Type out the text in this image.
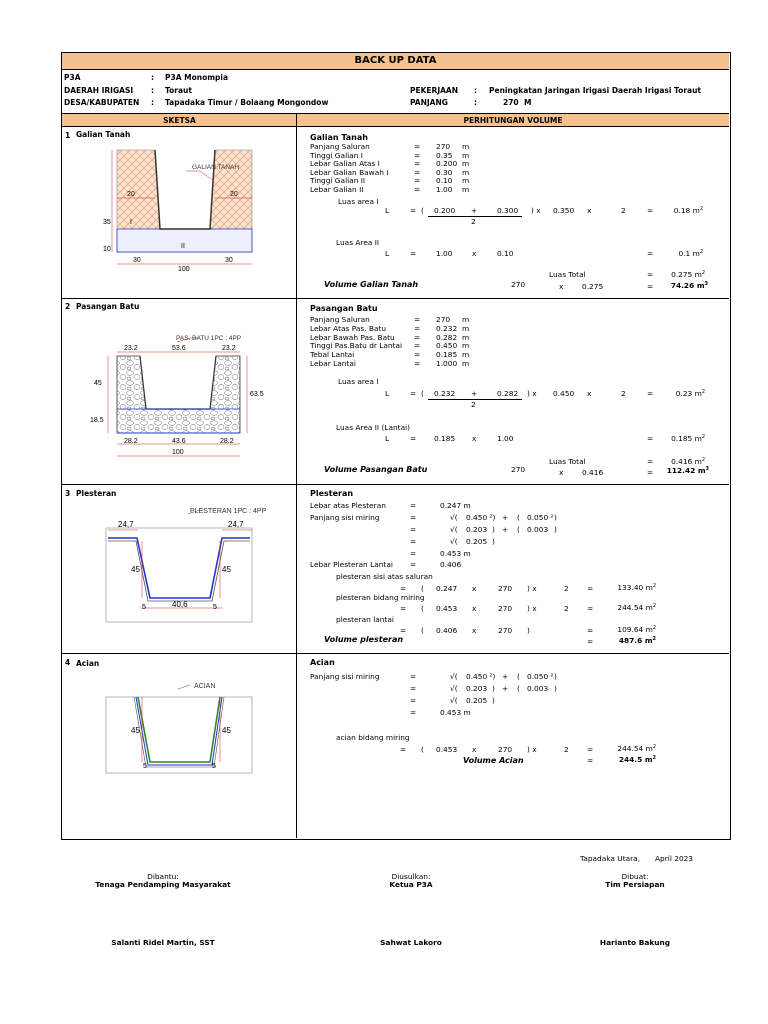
BACK UP DATA
SKETSA	PERHITUNGAN VOLUME
P3A	: P3A Monompia
DAERAH IRIGASI : Toraut
DESA/KABUPATEN : Tapadaka Timur / Bolaang Mongondow
PEKERJAAN : Peningkatan Jaringan Irigasi Daerah Irigasi Toraut
PANJANG	:	270 M
1 Galian Tanah
GALIAN TANAH
20	20
35
10
I
II
30	30
100
Galian Tanah
Panjang Saluran	= 270 m
Tinggi Galian I	= 0.35 m
Lebar Galian Atas I	= 0.200 m
Lebar Galian Bawah I	= 0.30 m
Tinggi Galian II	= 0.10 m
Lebar Galian II	= 1.00 m
Luas area I
L	= ( 0.200 +	0.300
2
) x 0.350 x	2	=	0.18 $m^2$
Luas Area II
L	=	1.00	x	0.10	=	0.1 $m^2$
Luas Total	=	0.275 $m^2$
Volume Galian Tanah	270	x	0.275	=	74.26 $m^3$
2 Pasangan Batu
PAS. BATU 1PC : 4PP
23.2	53.6	23.2
45
18.5
63.5
28.2	43.6	28.2
100
Pasangan Batu
Panjang Saluran	= 270 m
Lebar Atas Pas. Batu	= 0.232 m
Lebar Bawah Pas. Batu	= 0.282 m
Tinggi Pas.Batu dr Lantai = 0.450 m
Tebal Lantai	= 0.185 m
Lebar Lantai	= 1.000 m
Luas area I
L	= ( 0.232 +	0.282
2
) x 0.450 x	2	=	0.23 $m^2$
Luas Area II (Lantai)
L	= 0.185 x	1.00	=	0.185 $m^2$
Luas Total	=	0.416 $m^2$
Volume Pasangan Batu	270	x	0.416	=	112.42 $m^3$
3 Plesteran
PLESTERAN 1PC : 4PP
24,7	24,7
45	45
5	40,6	5
Plesteran
Lebar atas Plesteran	=	0.247 m
Panjang sisi miring	=	√( 0.450 ²) + ( 0.050 ² )
=	√( 0.203 ) + ( 0.003 )
=	√( 0.205 )
=	0.453 m
Lebar Plesteran Lantai =	0.406
plesteran sisi atas saluran
= ( 0.247 x	270 ) x	2 =	133.40 $m^2$
plesteran bidang miring
= ( 0.453 x	270 ) x	2 =	244.54 $m^2$
plesteran lantai
= ( 0.406 x	270 )	=	109.64 $m^2$
Volume plesteran	=	487.6 $m^2$
4 Acian
ACIAN
45	45
5	5
Acian
Panjang sisi miring	=	√( 0.450 ²) + ( 0.050 ² )
=	√( 0.203 ) + ( 0.003 )
=	√( 0.205 )
=	0.453 m
acian bidang miring
= ( 0.453 x	270 ) x	2 =	244.54 $m^2$
Volume Acian	=	244.5 $m^2$
Tapadaka Utara, April 2023
Dibantu:
Tenaga Pendamping Masyarakat
Salanti Ridel Martin, SST
Diusulkan:
Ketua P3A
Sahwat Lakoro
Dibuat:
Tim Persiapan
Harianto Bakung
